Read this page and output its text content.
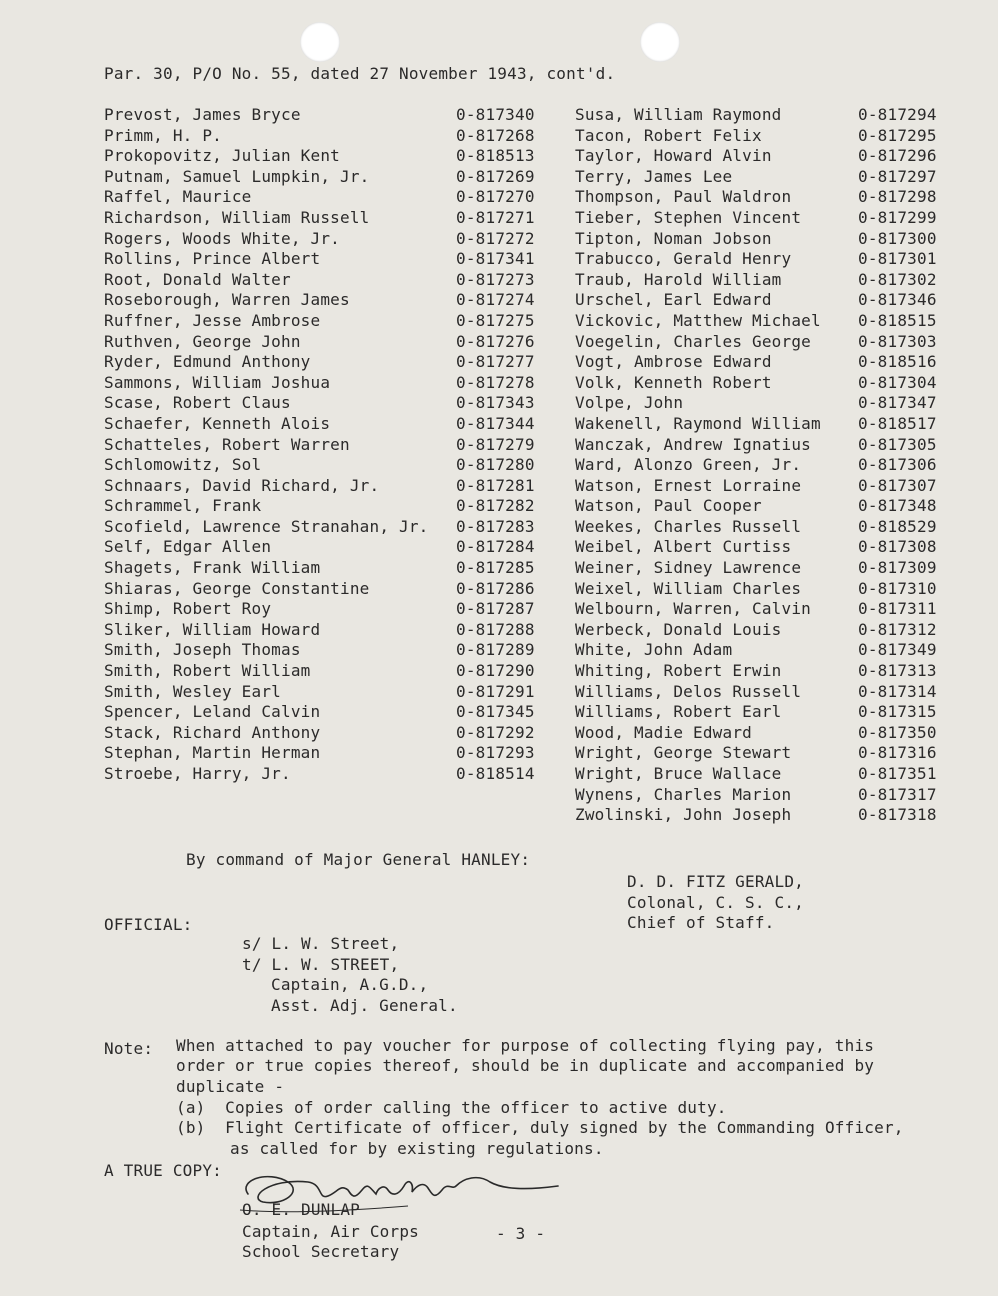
Par. 30, P/O No. 55, dated 27 November 1943, cont'd.
Prevost, James Bryce	0-817340
Primm, H. P.	0-817268
Prokopovitz, Julian Kent	0-818513
Putnam, Samuel Lumpkin, Jr.	0-817269
Raffel, Maurice	0-817270
Richardson, William Russell	0-817271
Rogers, Woods White, Jr.	0-817272
Rollins, Prince Albert	0-817341
Root, Donald Walter	0-817273
Roseborough, Warren James	0-817274
Ruffner, Jesse Ambrose	0-817275
Ruthven, George John	0-817276
Ryder, Edmund Anthony	0-817277
Sammons, William Joshua	0-817278
Scase, Robert Claus	0-817343
Schaefer, Kenneth Alois	0-817344
Schatteles, Robert Warren	0-817279
Schlomowitz, Sol	0-817280
Schnaars, David Richard, Jr.	0-817281
Schrammel, Frank	0-817282
Scofield, Lawrence Stranahan, Jr. 0-817283
Self, Edgar Allen	0-817284
Shagets, Frank William	0-817285
Shiaras, George Constantine	0-817286
Shimp, Robert Roy	0-817287
Sliker, William Howard	0-817288
Smith, Joseph Thomas	0-817289
Smith, Robert William	0-817290
Smith, Wesley Earl	0-817291
Spencer, Leland Calvin	0-817345
Stack, Richard Anthony	0-817292
Stephan, Martin Herman	0-817293
Stroebe, Harry, Jr.	0-818514
Susa, William Raymond	0-817294
Tacon, Robert Felix	0-817295
Taylor, Howard Alvin	0-817296
Terry, James Lee	0-817297
Thompson, Paul Waldron	0-817298
Tieber, Stephen Vincent	0-817299
Tipton, Noman Jobson	0-817300
Trabucco, Gerald Henry	0-817301
Traub, Harold William	0-817302
Urschel, Earl Edward	0-817346
Vickovic, Matthew Michael 0-818515
Voegelin, Charles George	0-817303
Vogt, Ambrose Edward	0-818516
Volk, Kenneth Robert	0-817304
Volpe, John	0-817347
Wakenell, Raymond William 0-818517
Wanczak, Andrew Ignatius	0-817305
Ward, Alonzo Green, Jr.	0-817306
Watson, Ernest Lorraine	0-817307
Watson, Paul Cooper	0-817348
Weekes, Charles Russell	0-818529
Weibel, Albert Curtiss	0-817308
Weiner, Sidney Lawrence	0-817309
Weixel, William Charles	0-817310
Welbourn, Warren, Calvin	0-817311
Werbeck, Donald Louis	0-817312
White, John Adam	0-817349
Whiting, Robert Erwin	0-817313
Williams, Delos Russell	0-817314
Williams, Robert Earl	0-817315
Wood, Madie Edward	0-817350
Wright, George Stewart	0-817316
Wright, Bruce Wallace	0-817351
Wynens, Charles Marion	0-817317
Zwolinski, John Joseph	0-817318
By command of Major General HANLEY:
D. D. FITZ GERALD,
Colonal, C. S. C.,
Chief of Staff.
OFFICIAL:
s/ L. W. Street,
t/ L. W. STREET,
Captain, A.G.D.,
Asst. Adj. General.
Note: When attached to pay voucher for purpose of collecting flying pay, this
order or true copies thereof, should be in duplicate and accompanied by
duplicate -
(a)  Copies of order calling the officer to active duty.
(b)  Flight Certificate of officer, duly signed by the Commanding Officer,
as called for by existing regulations.
A TRUE COPY:
O. E. DUNLAP
Captain, Air Corps
School Secretary
- 3 -
